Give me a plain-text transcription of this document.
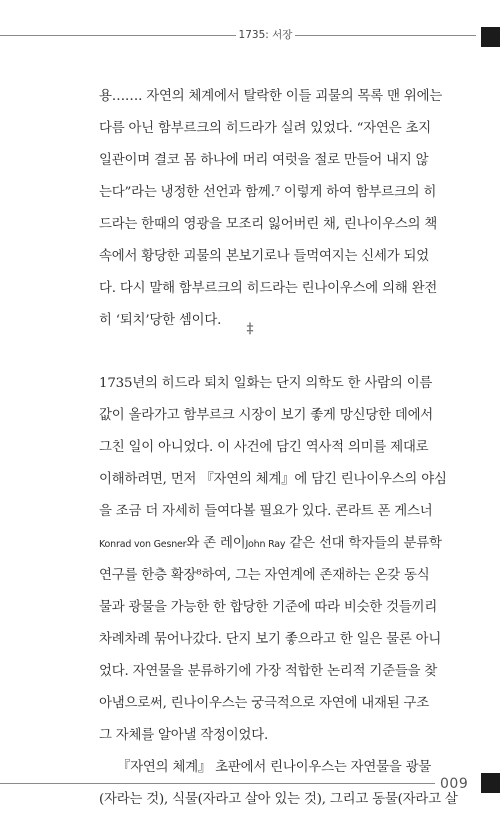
1735: 서장
용……. 자연의 체계에서 탈락한 이들 괴물의 목록 맨 위에는
다름 아닌 함부르크의 히드라가 실려 있었다. “자연은 초지
일관이며 결코 몸 하나에 머리 여럿을 절로 만들어 내지 않
는다”라는 냉정한 선언과 함께.⁷ 이렇게 하여 함부르크의 히
드라는 한때의 영광을 모조리 잃어버린 채, 린나이우스의 책
속에서 황당한 괴물의 본보기로나 들먹여지는 신세가 되었
다. 다시 말해 함부르크의 히드라는 린나이우스에 의해 완전
히 ‘퇴치’당한 셈이다.
‡
1735년의 히드라 퇴치 일화는 단지 의학도 한 사람의 이름
값이 올라가고 함부르크 시장이 보기 좋게 망신당한 데에서
그친 일이 아니었다. 이 사건에 담긴 역사적 의미를 제대로
이해하려면, 먼저 『자연의 체계』에 담긴 린나이우스의 야심
을 조금 더 자세히 들여다볼 필요가 있다. 콘라트 폰 게스너
Konrad von Gesner와 존 레이John Ray 같은 선대 학자들의 분류학
연구를 한층 확장⁸하여, 그는 자연계에 존재하는 온갖 동식
물과 광물을 가능한 한 합당한 기준에 따라 비슷한 것들끼리
차례차례 묶어나갔다. 단지 보기 좋으라고 한 일은 물론 아니
었다. 자연물을 분류하기에 가장 적합한 논리적 기준들을 찾
아냄으로써, 린나이우스는 궁극적으로 자연에 내재된 구조
그 자체를 알아낼 작정이었다.
『자연의 체계』 초판에서 린나이우스는 자연물을 광물
(자라는 것), 식물(자라고 살아 있는 것), 그리고 동물(자라고 살
009
